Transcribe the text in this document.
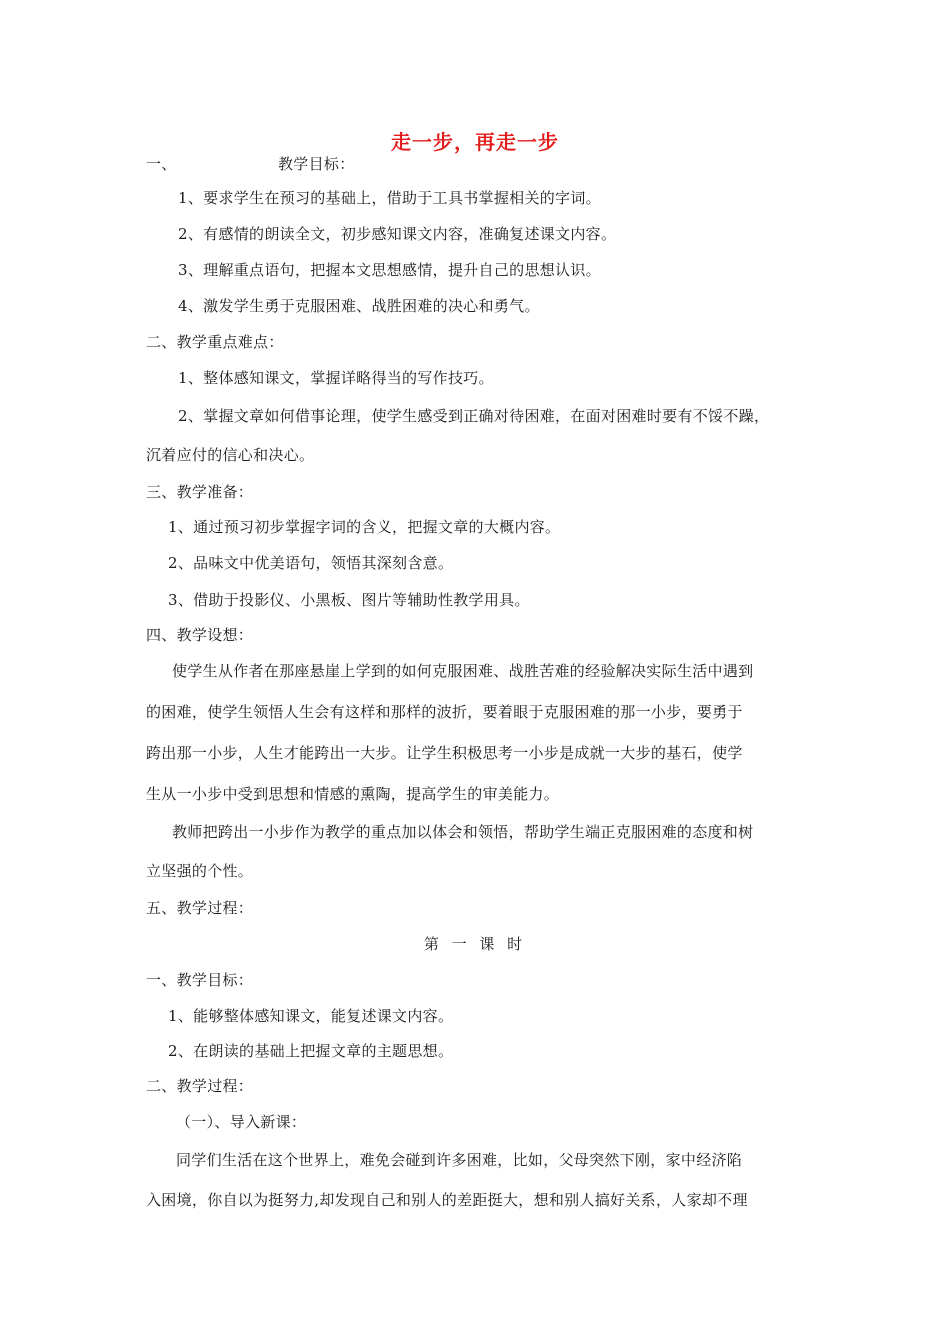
走一步，再走一步
一、	教学目标：
1、要求学生在预习的基础上，借助于工具书掌握相关的字词。
2、有感情的朗读全文，初步感知课文内容，准确复述课文内容。
3、理解重点语句，把握本文思想感情，提升自己的思想认识。
4、激发学生勇于克服困难、战胜困难的决心和勇气。
二、教学重点难点：
1、整体感知课文，掌握详略得当的写作技巧。
2、掌握文章如何借事论理，使学生感受到正确对待困难，在面对困难时要有不馁不躁，
沉着应付的信心和决心。
三、教学准备：
1、通过预习初步掌握字词的含义，把握文章的大概内容。
2、品味文中优美语句，领悟其深刻含意。
3、借助于投影仪、小黑板、图片等辅助性教学用具。
四、教学设想：
使学生从作者在那座悬崖上学到的如何克服困难、战胜苦难的经验解决实际生活中遇到
的困难，使学生领悟人生会有这样和那样的波折，要着眼于克服困难的那一小步，要勇于
跨出那一小步，人生才能跨出一大步。让学生积极思考一小步是成就一大步的基石，使学
生从一小步中受到思想和情感的熏陶，提高学生的审美能力。
教师把跨出一小步作为教学的重点加以体会和领悟，帮助学生端正克服困难的态度和树
立坚强的个性。
五、教学过程：
第 一 课 时
一、教学目标：
1、能够整体感知课文，能复述课文内容。
2、在朗读的基础上把握文章的主题思想。
二、教学过程：
（一）、导入新课：
同学们生活在这个世界上，难免会碰到许多困难，比如，父母突然下刚，家中经济陷
入困境，你自以为挺努力,却发现自己和别人的差距挺大，想和别人搞好关系，人家却不理
